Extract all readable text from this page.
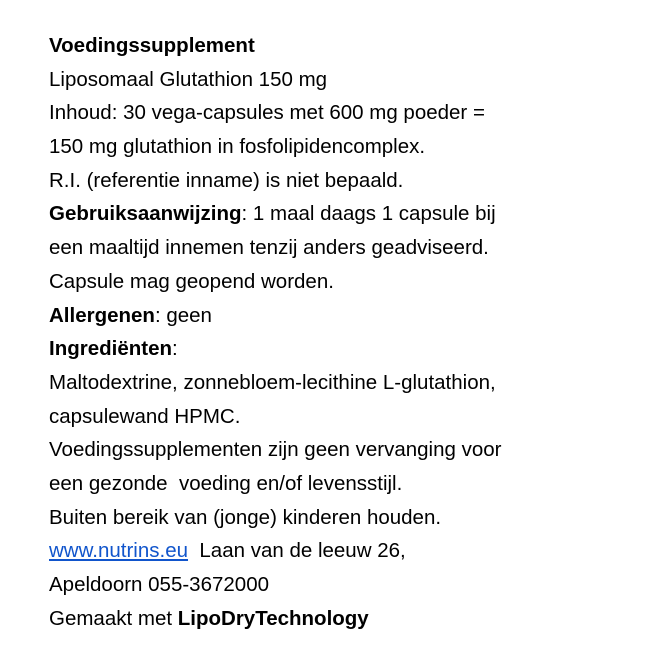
Voedingssupplement
Liposomaal Glutathion 150 mg
Inhoud: 30 vega-capsules met 600 mg poeder =
150 mg glutathion in fosfolipidencomplex.
R.I. (referentie inname) is niet bepaald.
Gebruiksaanwijzing: 1 maal daags 1 capsule bij
een maaltijd innemen tenzij anders geadviseerd.
Capsule mag geopend worden.
Allergenen: geen
Ingrediënten:
Maltodextrine, zonnebloem-lecithine L-glutathion,
capsulewand HPMC.
Voedingssupplementen zijn geen vervanging voor
een gezonde  voeding en/of levensstijl.
Buiten bereik van (jonge) kinderen houden.
www.nutrins.eu  Laan van de leeuw 26,
Apeldoorn 055-3672000
Gemaakt met LipoDryTechnology
